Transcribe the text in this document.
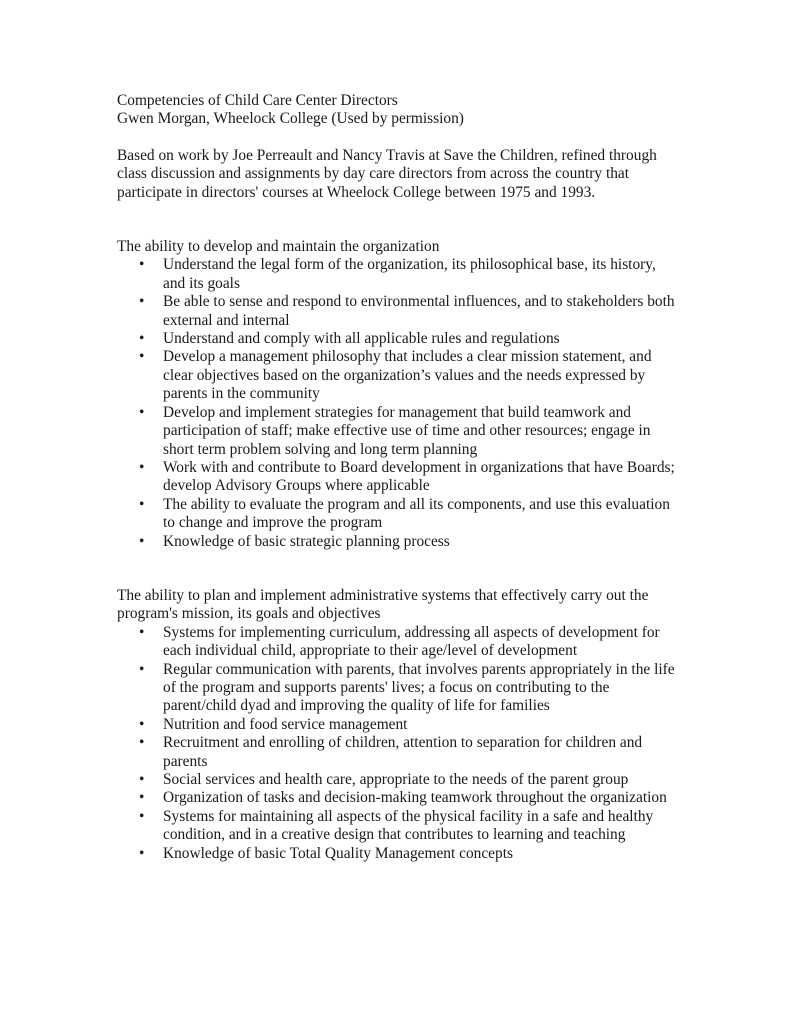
Competencies of Child Care Center Directors

Gwen Morgan, Wheelock College (Used by permission)

Based on work by Joe Perreault and Nancy Travis at Save the Children, refined through class discussion and assignments by day care directors from across the country that participate in directors' courses at Wheelock College between 1975 and 1993.

The ability to develop and maintain the organization

• Understand the legal form of the organization, its philosophical base, its history, and its goals
• Be able to sense and respond to environmental influences, and to stakeholders both external and internal
• Understand and comply with all applicable rules and regulations
• Develop a management philosophy that includes a clear mission statement, and clear objectives based on the organization’s values and the needs expressed by parents in the community
• Develop and implement strategies for management that build teamwork and participation of staff; make effective use of time and other resources; engage in short term problem solving and long term planning
• Work with and contribute to Board development in organizations that have Boards; develop Advisory Groups where applicable
• The ability to evaluate the program and all its components, and use this evaluation to change and improve the program
• Knowledge of basic strategic planning process

The ability to plan and implement administrative systems that effectively carry out the program's mission, its goals and objectives

• Systems for implementing curriculum, addressing all aspects of development for each individual child, appropriate to their age/level of development
• Regular communication with parents, that involves parents appropriately in the life of the program and supports parents' lives; a focus on contributing to the parent/child dyad and improving the quality of life for families
• Nutrition and food service management
• Recruitment and enrolling of children, attention to separation for children and parents
• Social services and health care, appropriate to the needs of the parent group
• Organization of tasks and decision-making teamwork throughout the organization
• Systems for maintaining all aspects of the physical facility in a safe and healthy condition, and in a creative design that contributes to learning and teaching
• Knowledge of basic Total Quality Management concepts
